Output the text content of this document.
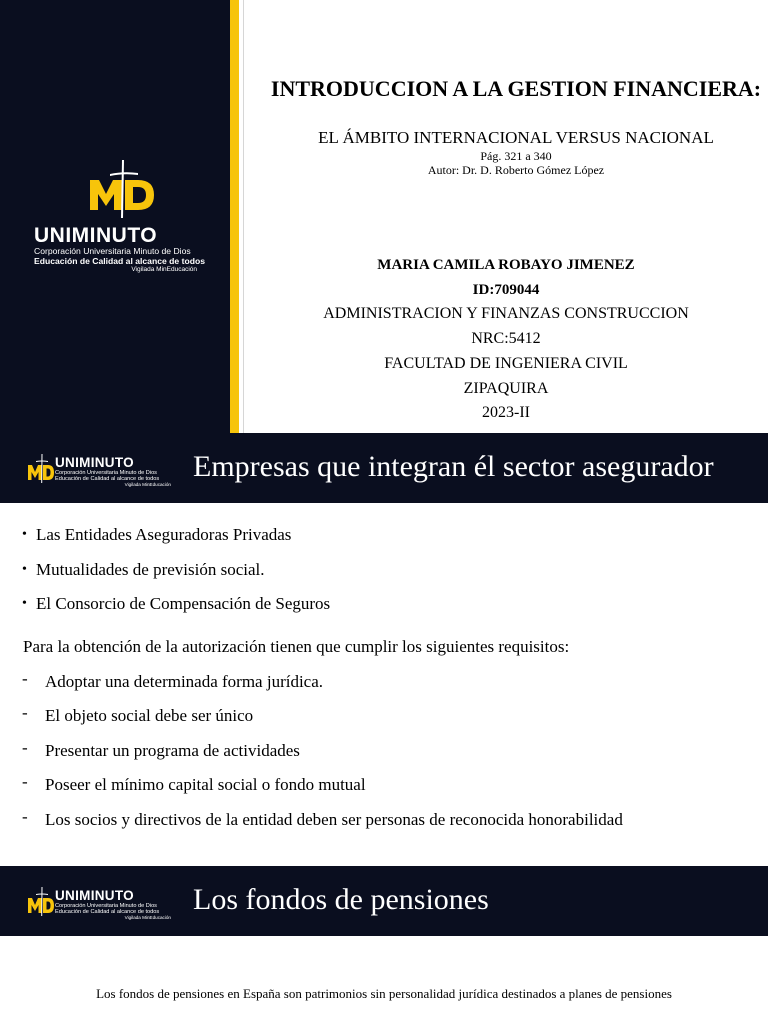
UNIMINUTO
Corporación Universitaria Minuto de Dios
Educación de Calidad al alcance de todos
Vigilada MinEducación
INTRODUCCION A LA GESTION FINANCIERA:
EL ÁMBITO INTERNACIONAL VERSUS NACIONAL
Pág. 321 a 340
Autor: Dr. D. Roberto Gómez López
MARIA CAMILA ROBAYO JIMENEZ
ID:709044
ADMINISTRACION Y FINANZAS CONSTRUCCION
NRC:5412
FACULTAD DE INGENIERA CIVIL
ZIPAQUIRA
2023-II
UNIMINUTO
Corporación Universitaria Minuto de Dios
Educación de Calidad al alcance de todos
Vigilada MinEducación
Empresas que integran él sector asegurador
• Las Entidades Aseguradoras Privadas
• Mutualidades de previsión social.
• El Consorcio de Compensación de Seguros
Para la obtención de la autorización tienen que cumplir los siguientes requisitos:
- Adoptar una determinada forma jurídica.
- El objeto social debe ser único
- Presentar un programa de actividades
- Poseer el mínimo capital social o fondo mutual
- Los socios y directivos de la entidad deben ser personas de reconocida honorabilidad
UNIMINUTO
Corporación Universitaria Minuto de Dios
Educación de Calidad al alcance de todos
Vigilada MinEducación
Los fondos de pensiones
Los fondos de pensiones en España son patrimonios sin personalidad jurídica destinados a planes de pensiones
